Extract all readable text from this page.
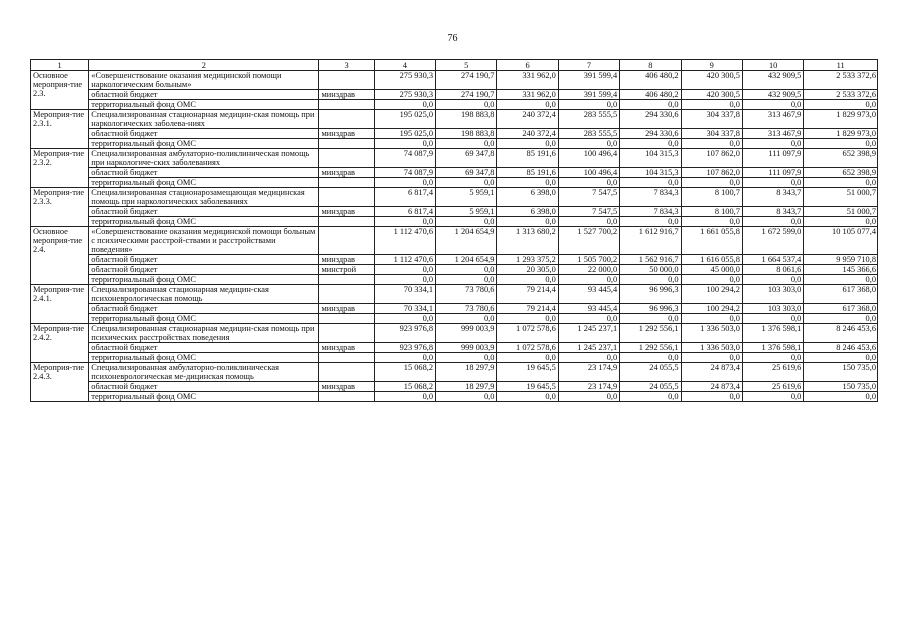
76
1	2	3	4	5	6	7	8	9	10	11
Основное мероприя-тие 2.3.	«Совершенствование оказания медицинской помощи наркологическим больным»		275 930,3	274 190,7	331 962,0	391 599,4	406 480,2	420 300,5	432 909,5	2 533 372,6
	областной бюджет	минздрав	275 930,3	274 190,7	331 962,0	391 599,4	406 480,2	420 300,5	432 909,5	2 533 372,6
	территориальный фонд ОМС		0,0	0,0	0,0	0,0	0,0	0,0	0,0	0,0
Мероприя-тие 2.3.1.	Специализированная стационарная медицин-ская помощь при наркологических заболева-ниях		195 025,0	198 883,8	240 372,4	283 555,5	294 330,6	304 337,8	313 467,9	1 829 973,0
	областной бюджет	минздрав	195 025,0	198 883,8	240 372,4	283 555,5	294 330,6	304 337,8	313 467,9	1 829 973,0
	территориальный фонд ОМС		0,0	0,0	0,0	0,0	0,0	0,0	0,0	0,0
Мероприя-тие 2.3.2.	Специализированная амбулаторно-поликлиническая помощь при наркологиче-ских заболеваниях		74 087,9	69 347,8	85 191,6	100 496,4	104 315,3	107 862,0	111 097,9	652 398,9
	областной бюджет	минздрав	74 087,9	69 347,8	85 191,6	100 496,4	104 315,3	107 862,0	111 097,9	652 398,9
	территориальный фонд ОМС		0,0	0,0	0,0	0,0	0,0	0,0	0,0	0,0
Мероприя-тие 2.3.3.	Специализированная стационарозамещающая медицинская помощь при наркологических заболеваниях		6 817,4	5 959,1	6 398,0	7 547,5	7 834,3	8 100,7	8 343,7	51 000,7
	областной бюджет	минздрав	6 817,4	5 959,1	6 398,0	7 547,5	7 834,3	8 100,7	8 343,7	51 000,7
	территориальный фонд ОМС		0,0	0,0	0,0	0,0	0,0	0,0	0,0	0,0
Основное мероприя-тие 2.4.	«Совершенствование оказания медицинской помощи больным с психическими расстрой-ствами и расстройствами поведения»		1 112 470,6	1 204 654,9	1 313 680,2	1 527 700,2	1 612 916,7	1 661 055,8	1 672 599,0	10 105 077,4
	областной бюджет	минздрав	1 112 470,6	1 204 654,9	1 293 375,2	1 505 700,2	1 562 916,7	1 616 055,8	1 664 537,4	9 959 710,8
	областной бюджет	минстрой	0,0	0,0	20 305,0	22 000,0	50 000,0	45 000,0	8 061,6	145 366,6
	территориальный фонд ОМС		0,0	0,0	0,0	0,0	0,0	0,0	0,0	0,0
Мероприя-тие 2.4.1.	Специализированная стационарная медицин-ская психоневрологическая помощь		70 334,1	73 780,6	79 214,4	93 445,4	96 996,3	100 294,2	103 303,0	617 368,0
	областной бюджет	минздрав	70 334,1	73 780,6	79 214,4	93 445,4	96 996,3	100 294,2	103 303,0	617 368,0
	территориальный фонд ОМС		0,0	0,0	0,0	0,0	0,0	0,0	0,0	0,0
Мероприя-тие 2.4.2.	Специализированная стационарная медицин-ская помощь при психических расстройствах поведения		923 976,8	999 003,9	1 072 578,6	1 245 237,1	1 292 556,1	1 336 503,0	1 376 598,1	8 246 453,6
	областной бюджет	минздрав	923 976,8	999 003,9	1 072 578,6	1 245 237,1	1 292 556,1	1 336 503,0	1 376 598,1	8 246 453,6
	территориальный фонд ОМС		0,0	0,0	0,0	0,0	0,0	0,0	0,0	0,0
Мероприя-тие 2.4.3.	Специализированная амбулаторно-поликлиническая психоневрологическая ме-дицинская помощь		15 068,2	18 297,9	19 645,5	23 174,9	24 055,5	24 873,4	25 619,6	150 735,0
	областной бюджет	минздрав	15 068,2	18 297,9	19 645,5	23 174,9	24 055,5	24 873,4	25 619,6	150 735,0
	территориальный фонд ОМС		0,0	0,0	0,0	0,0	0,0	0,0	0,0	0,0
